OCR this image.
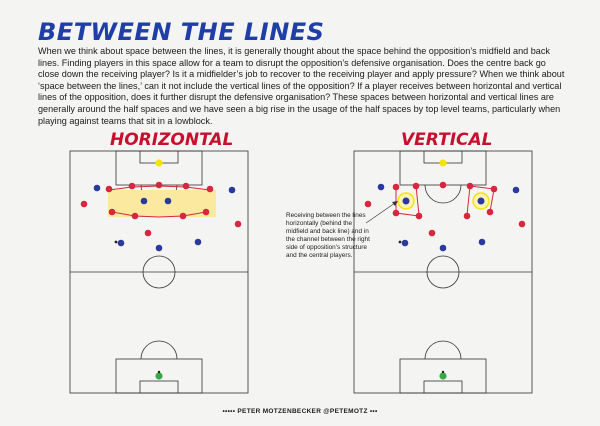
BETWEEN THE LINES

When we think about space between the lines, it is generally thought about the space behind the opposition’s midfield and back lines. Finding players in this space allow for a team to disrupt the opposition’s defensive organisation. Does the centre back go close down the receiving player? Is it a midfielder’s job to recover to the receiving player and apply pressure? When we think about ‘space between the lines,’ can it not include the vertical lines of the opposition? If a player receives between horizontal and vertical lines of the opposition, does it further disrupt the defensive organisation? These spaces between horizontal and vertical lines are generally around the half spaces and we have seen a big rise in the usage of the half spaces by top level teams, particularly when playing against teams that sit in a lowblock.

HORIZONTAL	VERTICAL
Receiving between the lines horizontally (behind the midfield and back line) and in the channel between the right side of opposition’s structure and the central players.
••••• PETER MOTZENBECKER @PETEMOTZ •••
